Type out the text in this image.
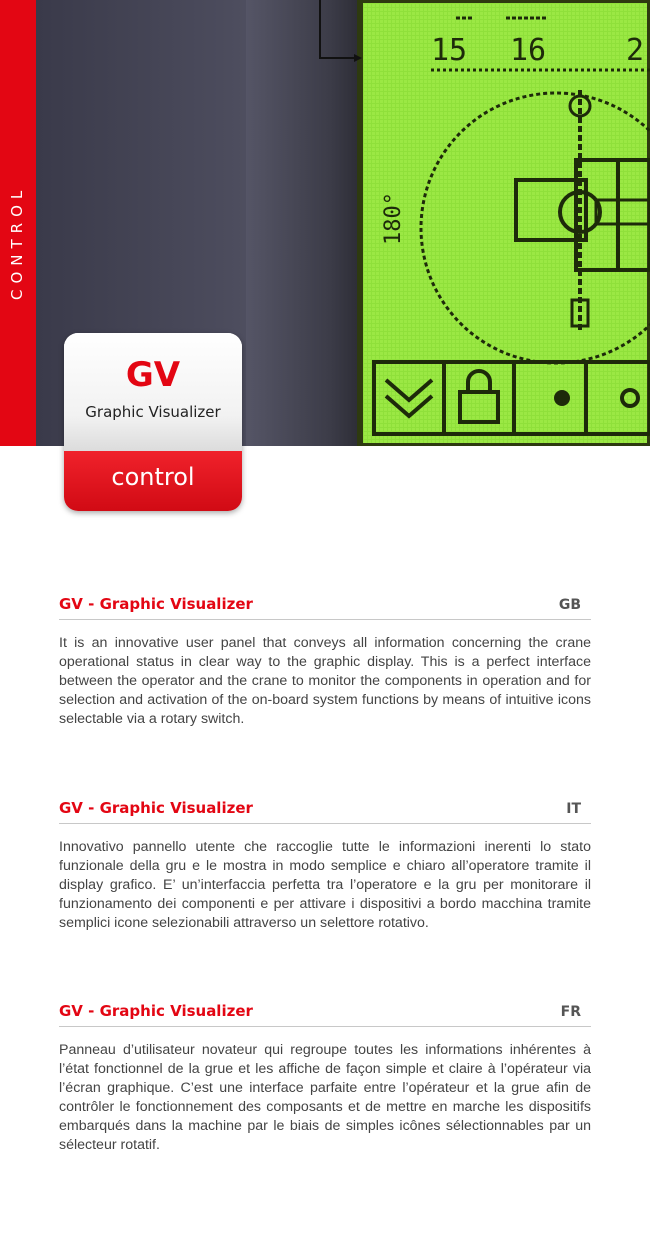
CONTROL
15 16	2
180°
GV
Graphic Visualizer
control
GV - Graphic Visualizer	GB
It is an innovative user panel that conveys all information concerning the crane operational status in clear way to the graphic display. This is a perfect interface between the operator and the crane to monitor the components in operation and for selection and activation of the on-board system functions by means of intuitive icons selectable via a rotary switch.
GV - Graphic Visualizer	IT
Innovativo pannello utente che raccoglie tutte le informazioni inerenti lo stato funzionale della gru e le mostra in modo semplice e chiaro all’operatore tramite il display grafico. E’ un’interfaccia perfetta tra l’operatore e la gru per monitorare il funzionamento dei componenti e per attivare i dispositivi a bordo macchina tramite semplici icone selezionabili attraverso un selettore rotativo.
GV - Graphic Visualizer	FR
Panneau d’utilisateur novateur qui regroupe toutes les informations inhérentes à l’état fonctionnel de la grue et les affiche de façon simple et claire à l’opérateur via l’écran graphique. C’est une interface parfaite entre l’opérateur et la grue afin de contrôler le fonctionnement des composants et de mettre en marche les dispositifs embarqués dans la machine par le biais de simples icônes sélectionnables par un sélecteur rotatif.
